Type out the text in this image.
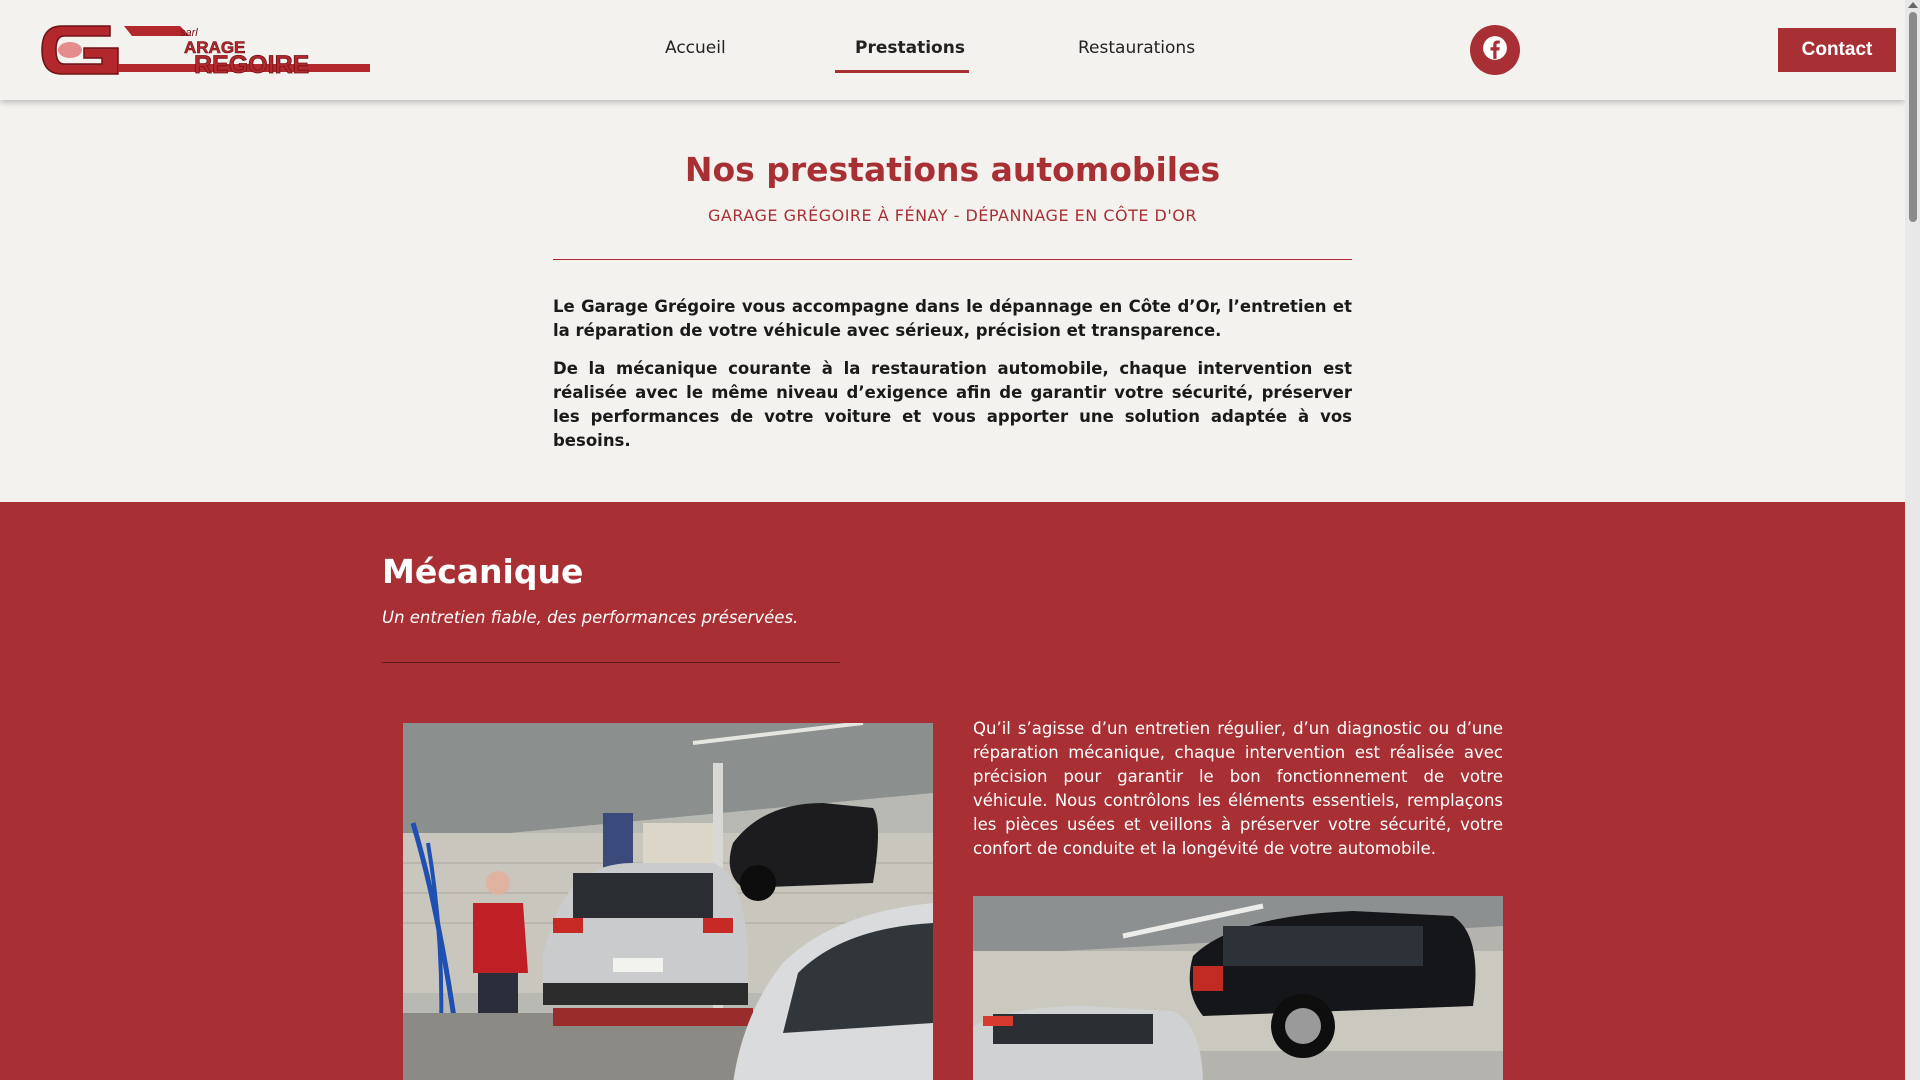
sarl
ARAGE
REGOIRE
Accueil	Prestations	Restaurations	Contact
Nos prestations automobiles
GARAGE GRÉGOIRE À FÉNAY - DÉPANNAGE EN CÔTE D'OR

Le Garage Grégoire vous accompagne dans le dépannage en Côte d’Or, l’entretien et la réparation de votre véhicule avec sérieux, précision et transparence.

De la mécanique courante à la restauration automobile, chaque intervention est réalisée avec le même niveau d’exigence afin de garantir votre sécurité, préserver les performances de votre voiture et vous apporter une solution adaptée à vos besoins.

Mécanique
Un entretien fiable, des performances préservées.

Qu’il s’agisse d’un entretien régulier, d’un diagnostic ou d’une réparation mécanique, chaque intervention est réalisée avec précision pour garantir le bon fonctionnement de votre véhicule. Nous contrôlons les éléments essentiels, remplaçons les pièces usées et veillons à préserver votre sécurité, votre confort de conduite et la longévité de votre automobile.
